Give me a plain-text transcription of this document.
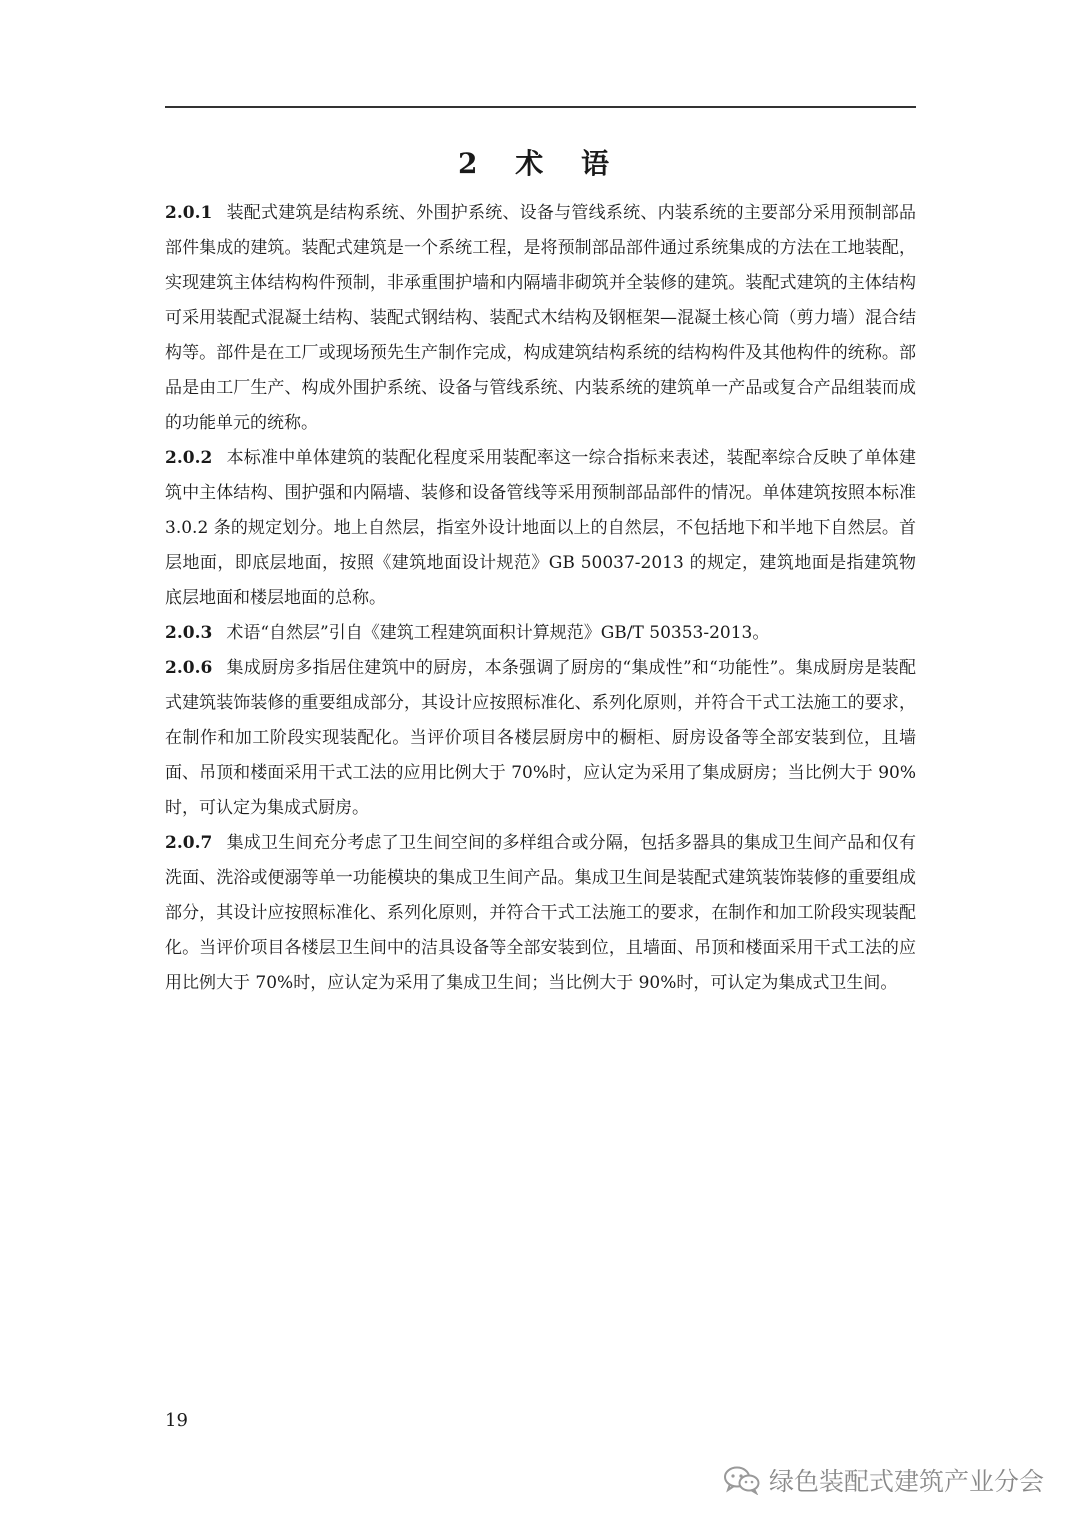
2 术 语

2.0.1 装配式建筑是结构系统、外围护系统、设备与管线系统、内装系统的主要部分采用预制部品部件集成的建筑。装配式建筑是一个系统工程，是将预制部品部件通过系统集成的方法在工地装配，实现建筑主体结构构件预制，非承重围护墙和内隔墙非砌筑并全装修的建筑。装配式建筑的主体结构可采用装配式混凝土结构、装配式钢结构、装配式木结构及钢框架—混凝土核心筒（剪力墙）混合结构等。部件是在工厂或现场预先生产制作完成，构成建筑结构系统的结构构件及其他构件的统称。部品是由工厂生产、构成外围护系统、设备与管线系统、内装系统的建筑单一产品或复合产品组装而成的功能单元的统称。

2.0.2 本标准中单体建筑的装配化程度采用装配率这一综合指标来表述，装配率综合反映了单体建筑中主体结构、围护强和内隔墙、装修和设备管线等采用预制部品部件的情况。单体建筑按照本标准 3.0.2 条的规定划分。地上自然层，指室外设计地面以上的自然层，不包括地下和半地下自然层。首层地面，即底层地面，按照《建筑地面设计规范》GB 50037-2013 的规定，建筑地面是指建筑物底层地面和楼层地面的总称。

2.0.3 术语“自然层”引自《建筑工程建筑面积计算规范》GB/T 50353-2013。

2.0.6 集成厨房多指居住建筑中的厨房，本条强调了厨房的“集成性”和“功能性”。集成厨房是装配式建筑装饰装修的重要组成部分，其设计应按照标准化、系列化原则，并符合干式工法施工的要求，在制作和加工阶段实现装配化。当评价项目各楼层厨房中的橱柜、厨房设备等全部安装到位，且墙面、吊顶和楼面采用干式工法的应用比例大于 70%时，应认定为采用了集成厨房；当比例大于 90%时，可认定为集成式厨房。

2.0.7 集成卫生间充分考虑了卫生间空间的多样组合或分隔，包括多器具的集成卫生间产品和仅有洗面、洗浴或便溺等单一功能模块的集成卫生间产品。集成卫生间是装配式建筑装饰装修的重要组成部分，其设计应按照标准化、系列化原则，并符合干式工法施工的要求，在制作和加工阶段实现装配化。当评价项目各楼层卫生间中的洁具设备等全部安装到位，且墙面、吊顶和楼面采用干式工法的应用比例大于 70%时，应认定为采用了集成卫生间；当比例大于 90%时，可认定为集成式卫生间。

19
绿色装配式建筑产业分会
